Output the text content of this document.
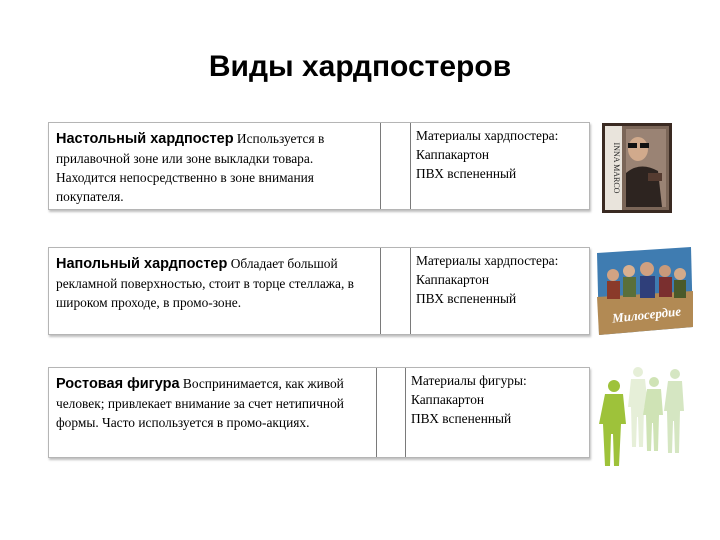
Виды хардпостеров
Настольный хардпостер Используется в прилавочной зоне или зоне выкладки товара. Находится непосредственно в зоне внимания покупателя.
Материалы хардпостера:
Каппакартон
ПВХ вспененный
Напольный хардпостер Обладает большой рекламной поверхностью, стоит в торце стеллажа, в широком проходе, в промо-зоне.
Материалы хардпостера:
Каппакартон
ПВХ вспененный
Ростовая фигура Воспринимается, как живой человек; привлекает внимание за счет нетипичной формы. Часто используется в промо-акциях.
Материалы фигуры:
Каппакартон
ПВХ вспененный
INNA MARCO
Милосердие
